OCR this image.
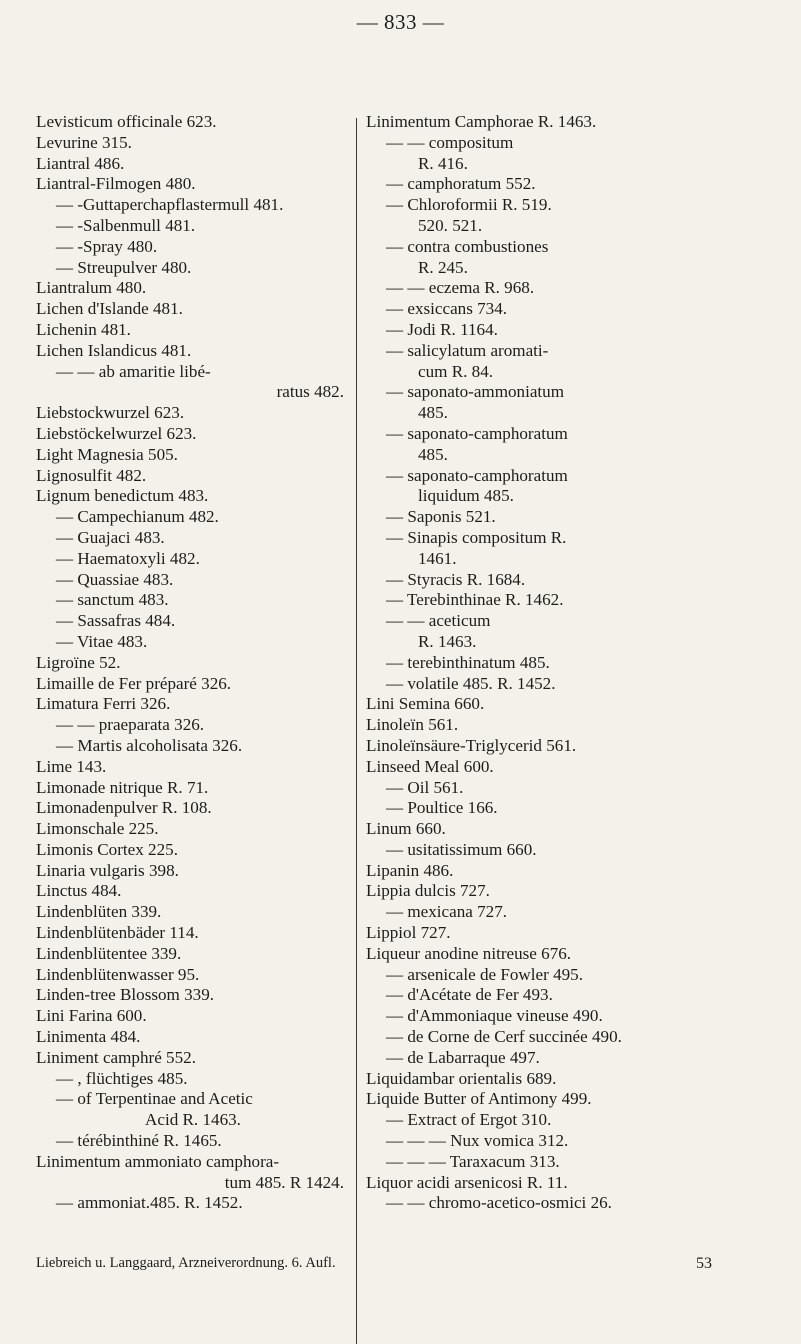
— 833 —
Levisticum officinale 623.
Levurine 315.
Liantral 486.
Liantral-Filmogen 480.
— -Guttaperchapflastermull 481.
— -Salbenmull 481.
— -Spray 480.
— Streupulver 480.
Liantralum 480.
Lichen d'Islande 481.
Lichenin 481.
Lichen Islandicus 481.
— — ab amaritie libé-
ratus 482.
Liebstockwurzel 623.
Liebstöckelwurzel 623.
Light Magnesia 505.
Lignosulfit 482.
Lignum benedictum 483.
— Campechianum 482.
— Guajaci 483.
— Haematoxyli 482.
— Quassiae 483.
— sanctum 483.
— Sassafras 484.
— Vitae 483.
Ligroïne 52.
Limaille de Fer préparé 326.
Limatura Ferri 326.
— — praeparata 326.
— Martis alcoholisata 326.
Lime 143.
Limonade nitrique R. 71.
Limonadenpulver R. 108.
Limonschale 225.
Limonis Cortex 225.
Linaria vulgaris 398.
Linctus 484.
Lindenblüten 339.
Lindenblütenbäder 114.
Lindenblütentee 339.
Lindenblütenwasser 95.
Linden-tree Blossom 339.
Lini Farina 600.
Linimenta 484.
Liniment camphré 552.
— , flüchtiges 485.
— of Terpentinae and Acetic
Acid R. 1463.
— térébinthiné R. 1465.
Linimentum ammoniato camphora-
tum 485. R 1424.
— ammoniat.485. R. 1452.
Linimentum Camphorae R. 1463.
— — compositum
R. 416.
— camphoratum 552.
— Chloroformii R. 519.
520. 521.
— contra combustiones
R. 245.
— — eczema R. 968.
— exsiccans 734.
— Jodi R. 1164.
— salicylatum aromati-
cum R. 84.
— saponato-ammoniatum
485.
— saponato-camphoratum
485.
— saponato-camphoratum
liquidum 485.
— Saponis 521.
— Sinapis compositum R.
1461.
— Styracis R. 1684.
— Terebinthinae R. 1462.
— — aceticum
R. 1463.
— terebinthinatum 485.
— volatile 485. R. 1452.
Lini Semina 660.
Linoleïn 561.
Linoleïnsäure-Triglycerid 561.
Linseed Meal 600.
— Oil 561.
— Poultice 166.
Linum 660.
— usitatissimum 660.
Lipanin 486.
Lippia dulcis 727.
— mexicana 727.
Lippiol 727.
Liqueur anodine nitreuse 676.
— arsenicale de Fowler 495.
— d'Acétate de Fer 493.
— d'Ammoniaque vineuse 490.
— de Corne de Cerf succinée 490.
— de Labarraque 497.
Liquidambar orientalis 689.
Liquide Butter of Antimony 499.
— Extract of Ergot 310.
— — — Nux vomica 312.
— — — Taraxacum 313.
Liquor acidi arsenicosi R. 11.
— — chromo-acetico-osmici 26.
Liebreich u. Langgaard, Arzneiverordnung. 6. Aufl.	53
